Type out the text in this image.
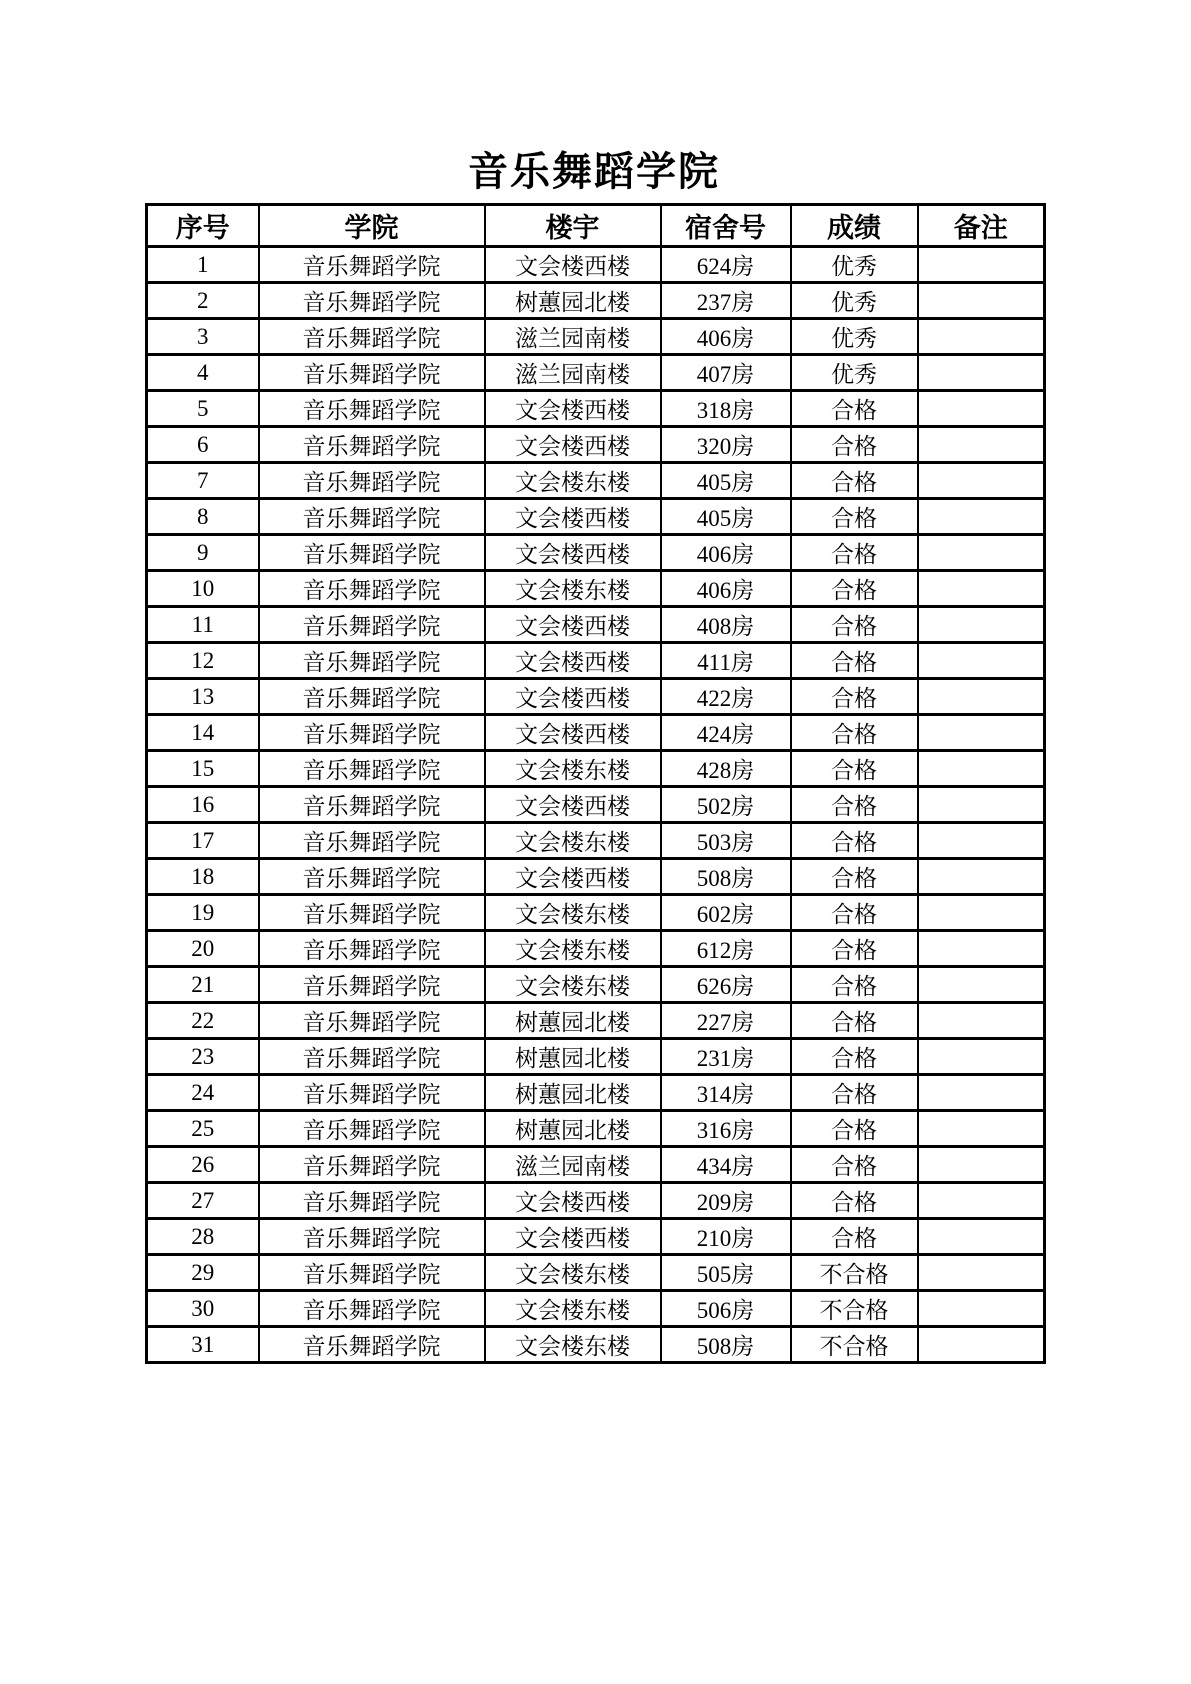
音乐舞蹈学院
序号	学院	楼宇	宿舍号	成绩	备注
1	音乐舞蹈学院	文会楼西楼	624房	优秀	
2	音乐舞蹈学院	树蕙园北楼	237房	优秀	
3	音乐舞蹈学院	滋兰园南楼	406房	优秀	
4	音乐舞蹈学院	滋兰园南楼	407房	优秀	
5	音乐舞蹈学院	文会楼西楼	318房	合格	
6	音乐舞蹈学院	文会楼西楼	320房	合格	
7	音乐舞蹈学院	文会楼东楼	405房	合格	
8	音乐舞蹈学院	文会楼西楼	405房	合格	
9	音乐舞蹈学院	文会楼西楼	406房	合格	
10	音乐舞蹈学院	文会楼东楼	406房	合格	
11	音乐舞蹈学院	文会楼西楼	408房	合格	
12	音乐舞蹈学院	文会楼西楼	411房	合格	
13	音乐舞蹈学院	文会楼西楼	422房	合格	
14	音乐舞蹈学院	文会楼西楼	424房	合格	
15	音乐舞蹈学院	文会楼东楼	428房	合格	
16	音乐舞蹈学院	文会楼西楼	502房	合格	
17	音乐舞蹈学院	文会楼东楼	503房	合格	
18	音乐舞蹈学院	文会楼西楼	508房	合格	
19	音乐舞蹈学院	文会楼东楼	602房	合格	
20	音乐舞蹈学院	文会楼东楼	612房	合格	
21	音乐舞蹈学院	文会楼东楼	626房	合格	
22	音乐舞蹈学院	树蕙园北楼	227房	合格	
23	音乐舞蹈学院	树蕙园北楼	231房	合格	
24	音乐舞蹈学院	树蕙园北楼	314房	合格	
25	音乐舞蹈学院	树蕙园北楼	316房	合格	
26	音乐舞蹈学院	滋兰园南楼	434房	合格	
27	音乐舞蹈学院	文会楼西楼	209房	合格	
28	音乐舞蹈学院	文会楼西楼	210房	合格	
29	音乐舞蹈学院	文会楼东楼	505房	不合格	
30	音乐舞蹈学院	文会楼东楼	506房	不合格	
31	音乐舞蹈学院	文会楼东楼	508房	不合格	
